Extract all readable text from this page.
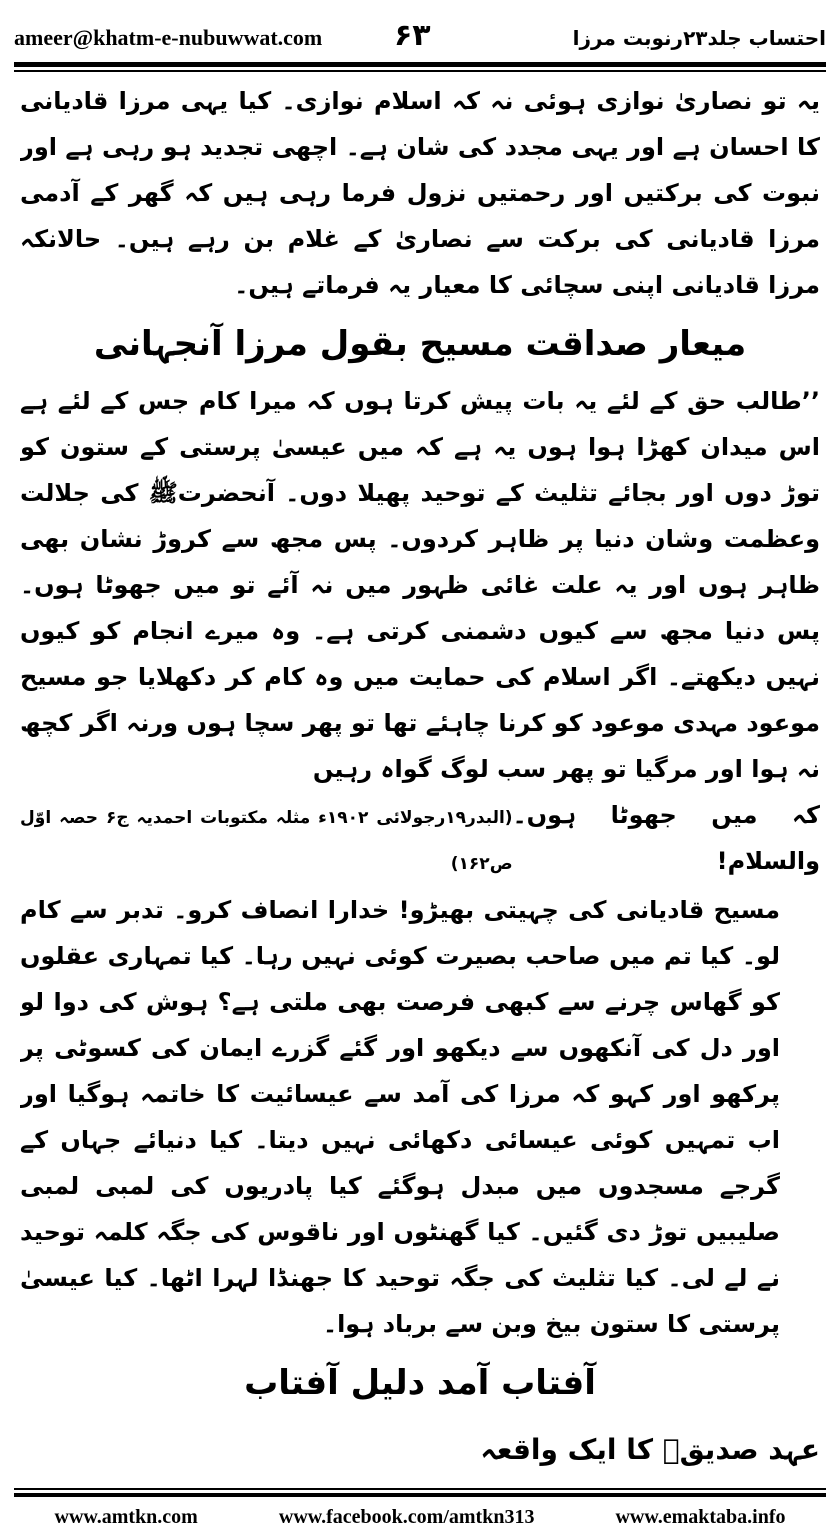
ameer@khatm-e-nubuwwat.com ۶۳	احتساب جلد۲۳رنوبت مرزا

یہ تو نصاریٰ نوازی ہوئی نہ کہ اسلام نوازی۔ کیا یہی مرزا قادیانی کا احسان ہے اور یہی مجدد کی شان ہے۔ اچھی تجدید ہو رہی ہے اور نبوت کی برکتیں اور رحمتیں نزول فرما رہی ہیں کہ گھر کے آدمی مرزا قادیانی کی برکت سے نصاریٰ کے غلام بن رہے ہیں۔ حالانکہ مرزا قادیانی اپنی سچائی کا معیار یہ فرماتے ہیں۔

میعار صداقت مسیح بقول مرزا آنجہانی

’’طالب حق کے لئے یہ بات پیش کرتا ہوں کہ میرا کام جس کے لئے ہے اس میدان کھڑا ہوا ہوں یہ ہے کہ میں عیسیٰ پرستی کے ستون کو توڑ دوں اور بجائے تثلیث کے توحید پھیلا دوں۔ آنحضرتﷺ کی جلالت وعظمت وشان دنیا پر ظاہر کردوں۔ پس مجھ سے کروڑ نشان بھی ظاہر ہوں اور یہ علت غائی ظہور میں نہ آئے تو میں جھوٹا ہوں۔ پس دنیا مجھ سے کیوں دشمنی کرتی ہے۔ وہ میرے انجام کو کیوں نہیں دیکھتے۔ اگر اسلام کی حمایت میں وہ کام کر دکھلایا جو مسیح موعود مہدی موعود کو کرنا چاہئے تھا تو پھر سچا ہوں ورنہ اگر کچھ نہ ہوا اور مرگیا تو پھر سب لوگ گواہ رہیں

کہ میں جھوٹا ہوں۔ والسلام!
(البدر۱۹رجولائی ۱۹۰۲ء مثلہ مکتوبات احمدیہ ج۶ حصہ اوّل ص۱۶۲)

مسیح قادیانی کی چہیتی بھیڑو! خدارا انصاف کرو۔ تدبر سے کام لو۔ کیا تم میں صاحب بصیرت کوئی نہیں رہا۔ کیا تمہاری عقلوں کو گھاس چرنے سے کبھی فرصت بھی ملتی ہے؟ ہوش کی دوا لو اور دل کی آنکھوں سے دیکھو اور گئے گزرے ایمان کی کسوٹی پر پرکھو اور کہو کہ مرزا کی آمد سے عیسائیت کا خاتمہ ہوگیا اور اب تمہیں کوئی عیسائی دکھائی نہیں دیتا۔ کیا دنیائے جہاں کے گرجے مسجدوں میں مبدل ہوگئے کیا پادریوں کی لمبی لمبی صلیبیں توڑ دی گئیں۔ کیا گھنٹوں اور ناقوس کی جگہ کلمہ توحید نے لے لی۔ کیا تثلیث کی جگہ توحید کا جھنڈا لہرا اٹھا۔ کیا عیسیٰ پرستی کا ستون بیخ وبن سے برباد ہوا۔

آفتاب آمد دلیل آفتاب
عہد صدیقؓ کا ایک واقعہ

www.amtkn.com	www.facebook.com/amtkn313	www.emaktaba.info
